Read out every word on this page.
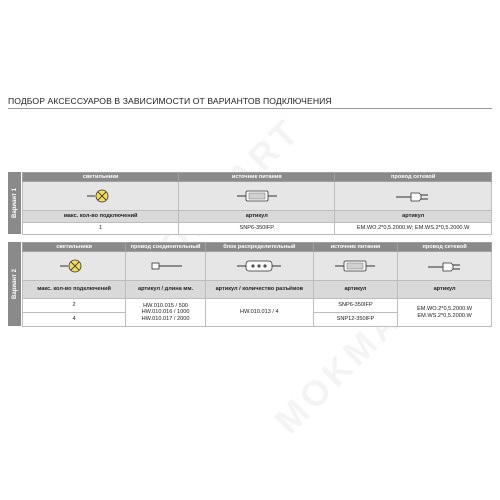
ПОДБОР АКСЕССУАРОВ В ЗАВИСИМОСТИ ОТ ВАРИАНТОВ ПОДКЛЮЧЕНИЯ
Вариант 1
светильники	источник питания	провод сетевой

макс. кол-во подключений	артикул	артикул
1	SNP6-350IFP	EM.WO.2*0,5.2000.W; EM.WS.2*0,5.2000.W
Вариант 2
светильники	провод соединительный	блок распределительный	источник питания	провод сетевой

макс. кол-во подключений	артикул / длина мм.	артикул / количество разъёмов	артикул	артикул
2	HW.010.015 / 500 HW.010.016 / 1000 HW.010.017 / 2000	HW.010.013 / 4	SNP6-350IFP	EM.WO.2*0,5.2000.W EM.WS.2*0,5.2000.W
4			SNP12-350IFP	
